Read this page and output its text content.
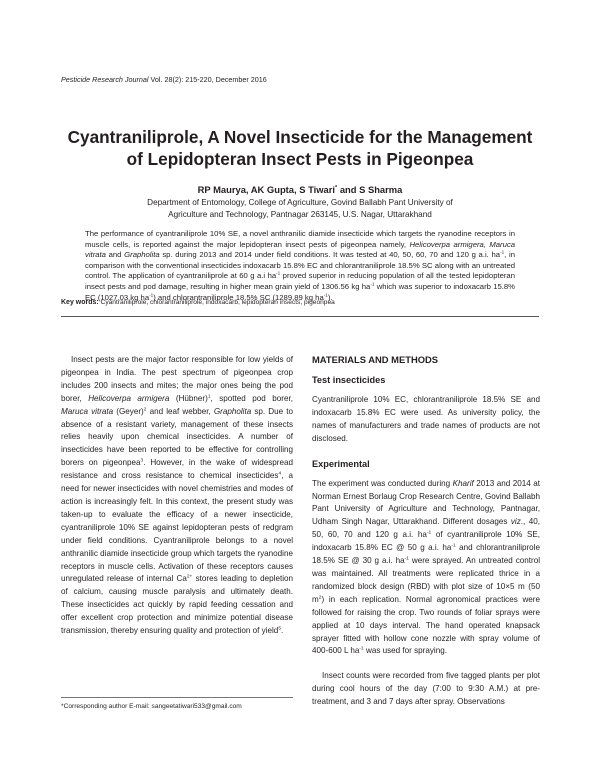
Pesticide Research Journal Vol. 28(2): 215-220, December 2016
Cyantraniliprole, A Novel Insecticide for the Management
of Lepidopteran Insect Pests in Pigeonpea
RP Maurya, AK Gupta, S Tiwari* and S Sharma
Department of Entomology, College of Agriculture, Govind Ballabh Pant University of
Agriculture and Technology, Pantnagar 263145, U.S. Nagar, Uttarakhand
The performance of cyantraniliprole 10% SE, a novel anthranilic diamide insecticide which targets the ryanodine receptors in muscle cells, is reported against the major lepidopteran insect pests of pigeonpea namely, Helicoverpa armigera, Maruca vitrata and Grapholita sp. during 2013 and 2014 under field conditions. It was tested at 40, 50, 60, 70 and 120 g a.i. $ha^{-1}$, in comparison with the conventional insecticides indoxacarb 15.8% EC and chlorantraniliprole 18.5% SC along with an untreated control. The application of cyantraniliprole at 60 g a.i $ha^{-1}$ proved superior in reducing population of all the tested lepidopteran insect pests and pod damage, resulting in higher mean grain yield of 1306.56 kg $ha^{-1}$ which was superior to indoxacarb 15.8% EC (1027.03 kg $ha^{-1}$) and chlorantraniliprole 18.5% SC (1289.89 kg $ha^{-1}$).
Key words: Cyantraniliprole, chlorantraniliprole, indoxacarb, lepidopteran insects, pigeonpea

Insect pests are the major factor responsible for low yields of pigeonpea in India. The pest spectrum of pigeonpea crop includes 200 insects and mites; the major ones being the pod borer, Helicoverpa armigera (Hübner)$^1$, spotted pod borer, Maruca vitrata (Geyer)$^2$ and leaf webber, Grapholita sp. Due to absence of a resistant variety, management of these insects relies heavily upon chemical insecticides. A number of insecticides have been reported to be effective for controlling borers on pigeonpea$^3$. However, in the wake of widespread resistance and cross resistance to chemical insecticides$^4$, a need for newer insecticides with novel chemistries and modes of action is increasingly felt. In this context, the present study was taken-up to evaluate the efficacy of a newer insecticide, cyantraniliprole 10% SE against lepidopteran pests of redgram under field conditions. Cyantraniliprole belongs to a novel anthranilic diamide insecticide group which targets the ryanodine receptors in muscle cells. Activation of these receptors causes unregulated release of internal $Ca^{2+}$ stores leading to depletion of calcium, causing muscle paralysis and ultimately death. These insecticides act quickly by rapid feeding cessation and offer excellent crop protection and minimize potential disease transmission, thereby ensuring quality and protection of yield$^5$.

*Corresponding author E-mail: sangeetatiwari533@gmail.com
MATERIALS AND METHODS
Test insecticides

Cyantraniliprole 10% EC, chlorantraniliprole 18.5% SE and indoxacarb 15.8% EC were used. As university policy, the names of manufacturers and trade names of products are not disclosed.

Experimental

The experiment was conducted during Kharif 2013 and 2014 at Norman Ernest Borlaug Crop Research Centre, Govind Ballabh Pant University of Agriculture and Technology, Pantnagar, Udham Singh Nagar, Uttarakhand. Different dosages viz., 40, 50, 60, 70 and 120 g a.i. $ha^{-1}$ of cyantraniliprole 10% SE, indoxacarb 15.8% EC @ 50 g a.i. $ha^{-1}$ and chlorantraniliprole 18.5% SE @ 30 g a.i. $ha^{-1}$ were sprayed. An untreated control was maintained. All treatments were replicated thrice in a randomized block design (RBD) with plot size of 10×5 m (50 $m^2$) in each replication. Normal agronomical practices were followed for raising the crop. Two rounds of foliar sprays were applied at 10 days interval. The hand operated knapsack sprayer fitted with hollow cone nozzle with spray volume of 400-600 L $ha^{-1}$ was used for spraying.

Insect counts were recorded from five tagged plants per plot during cool hours of the day (7:00 to 9:30 A.M.) at pre-treatment, and 3 and 7 days after spray. Observations
